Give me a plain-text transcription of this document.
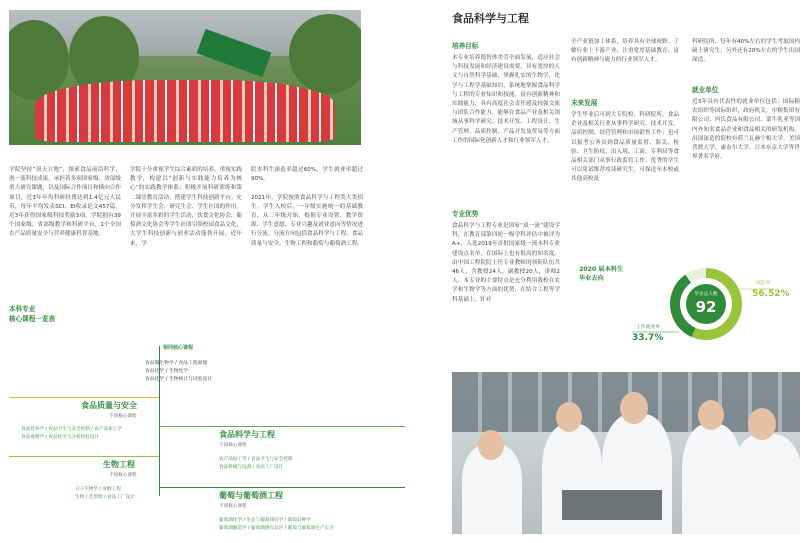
学院坚持“顶天立地”，探索食品前沿科学，创一流科技成果，承担着多项国家级、省部级重大研究课题，以及国际合作项目和横向合作项目，近3年年均科研经费达到1.4亿元人民币，每年平均发表SCI、EI收录论文457篇，近3年获得国家级科技奖励3项。学院拥有39个国家级、省部级教学和科研平台，1个全国农产品质量安全与营养健康科普基地。
学院十分重视学生综合素质的培养，重视实践教学，构建以“创新与实践能力培养为核心”的实践教学体系；积极开展科研训练和第二课堂教育活动，搭建学生科技创新平台；充分发挥学生会、研究生会、学生社团的作用，开展丰富多彩的学生活动，饮食文化协会、葡萄酒文化协会等学生社团引领校园食品文化，大学生科技创新与创业活动蓬勃开展。近年来，学
院本科生深造率超过60%，学生就业率超过90%。

2021年，学院按照食品科学与工程类大类招生。学生入校后，一年级实施统一的基础教育，从三年级开始，根据专业设置、教学资源、学生意愿、专业兴趣及就业意向等情况进行分流。分流方向包括食品科学与工程、食品质量与安全、生物工程和葡萄与葡萄酒工程。
本科专业
核心课程一览表
相同核心课程
食品微生物学 / 食品工程原理
食品化学 / 生物化学
食品化学 / 生物统计与试验设计
食品质量与安全
不同核心课程
食品营养学 / 食品卫生与安全控制 / 农产品加工学
食品毒理学 / 食品化学与分析检验设计	食品科学与工程
不同核心课程
农产品加工学 / 食品卫生与安全控制
食品机械与设备 / 食品工厂设计
生物工程
不同核心课程
分子生物学 / 发酵工程
生物工艺原理 / 食品工厂设计	葡萄与葡萄酒工程
不同核心课程
葡萄酒化学 / 生态与葡萄栽培学 / 葡萄品种学
葡萄酒酿造学 / 葡萄酒感官品评 / 葡萄与葡萄酒生产实习
食品科学与工程
培养目标
本专业培养德智体美劳全面发展，适应社会与科技发展和经济建设需要，具有宽厚的人文与自然科学基础、掌握扎实的生物学、化学与工程学基础知识，系统地掌握食品科学与工程的专业知识和技能，富有创新精神和实践能力，具有高度社会责任感及较强交流与团队合作能力，能够在食品产业及相关领域从事科学研究、技术开发、工程设计、生产管理、品质控制、产品开发及贸易等方面工作的国际化创新人才和行业领军人才。
专业优势
食品科学与工程专业是国家“双一流”建设学科，在教育部第四轮一级学科评估中被评为A+，入选2019年首批国家级一流本科专业建设点名单，在国际上也有很高的知名度。由中国工程院院士任专业教师的领衔队伍共46人，含教授24人，副教授20人，讲师2人。本专业的主要特点是充分利用我校在农学和生物学等方面的优势，在结合工程等学科基础上，针对
全产业链加工体系，培养具有全球视野、了解行业上下游产业、注重宽厚基础教育、富有创新精神与能力的行业领军人才。
未来发展
学生毕业后可到大专院校、科研院所、食品企业及相关行业从事科学研究、技术开发、品质控制、经营管理和市场销售工作；也可以报考公务员到食品质量监督、海关、检验、卫生防疫、出入境、工商、专利局等食品相关部门从事行政监管工作。优秀的学生可以免试推荐攻读研究生，可保送至本校或其他高校及
科研院所，每年有40%左右的学生考取国内硕士研究生；另外还有20%左右的学生出国深造。
就业单位
近3年具有代表性的就业单位包括：国际粮农组织等国际组织，政府机关，中粮集团有限公司、玛氏食品有限公司、蒙牛乳业等国内外知名食品企业和食品相关的研发机构。出国深造的院校有荷兰瓦赫宁根大学、美国普渡大学、康奈尔大学、日本东京大学等世界著名学府。
2020 届本科生
毕业去向
毕业总人数
92
深造率
56.52%
工作就业率
33.7%
